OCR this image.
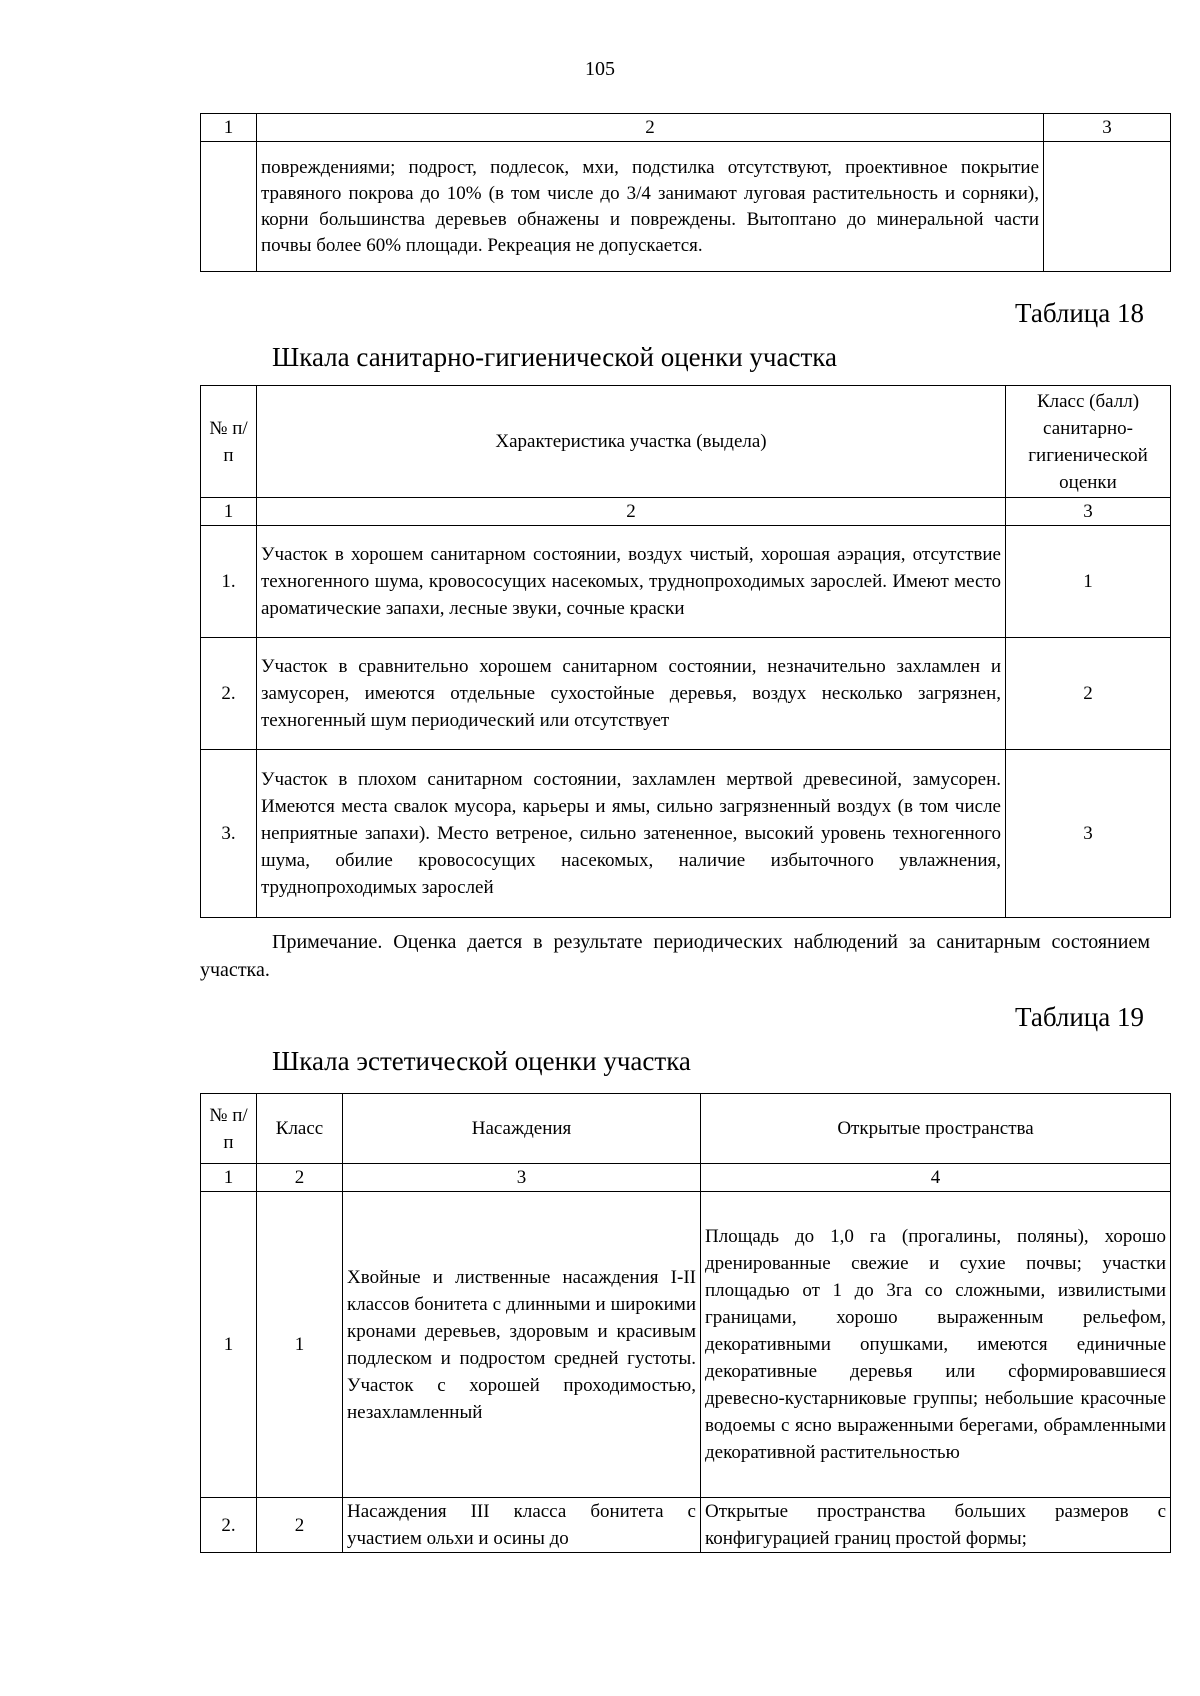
105
1	2	3
	повреждениями; подрост, подлесок, мхи, подстилка отсутствуют, проективное покрытие травяного покрова до 10% (в том числе до 3/4 занимают луговая растительность и сорняки), корни большинства деревьев обнажены и повреждены. Вытоптано до минеральной части почвы более 60% площади. Рекреация не допускается.	
Таблица 18
Шкала санитарно-гигиенической оценки участка
№ п/п	Характеристика участка (выдела)	Класс (балл) санитарно-гигиенической оценки
1	2	3
1.	Участок в хорошем санитарном состоянии, воздух чистый, хорошая аэрация, отсутствие техногенного шума, кровососущих насекомых, труднопроходимых зарослей. Имеют место ароматические запахи, лесные звуки, сочные краски	1
2.	Участок в сравнительно хорошем санитарном состоянии, незначительно захламлен и замусорен, имеются отдельные сухостойные деревья, воздух несколько загрязнен, техногенный шум периодический или отсутствует	2
3.	Участок в плохом санитарном состоянии, захламлен мертвой древесиной, замусорен. Имеются места свалок мусора, карьеры и ямы, сильно загрязненный воздух (в том числе неприятные запахи). Место ветреное, сильно затененное, высокий уровень техногенного шума, обилие кровососущих насекомых, наличие избыточного увлажнения, труднопроходимых зарослей	3
Примечание. Оценка дается в результате периодических наблюдений за санитарным состоянием участка.
Таблица 19
Шкала эстетической оценки участка
№ п/п	Класс	Насаждения	Открытые пространства
1	2	3	4
1	1	Хвойные и лиственные насаждения I-II классов бонитета с длинными и широкими кронами деревьев, здоровым и красивым подлеском и подростом средней густоты. Участок с хорошей проходимостью, незахламленный	Площадь до 1,0 га (прогалины, поляны), хорошо дренированные свежие и сухие почвы; участки площадью от 1 до 3га со сложными, извилистыми границами, хорошо выраженным рельефом, декоративными опушками, имеются единичные декоративные деревья или сформировавшиеся древесно-кустарниковые группы; небольшие красочные водоемы с ясно выраженными берегами, обрамленными декоративной растительностью
2.	2	Насаждения III класса бонитета с участием ольхи и осины до	Открытые пространства больших размеров с конфигурацией границ простой формы;
